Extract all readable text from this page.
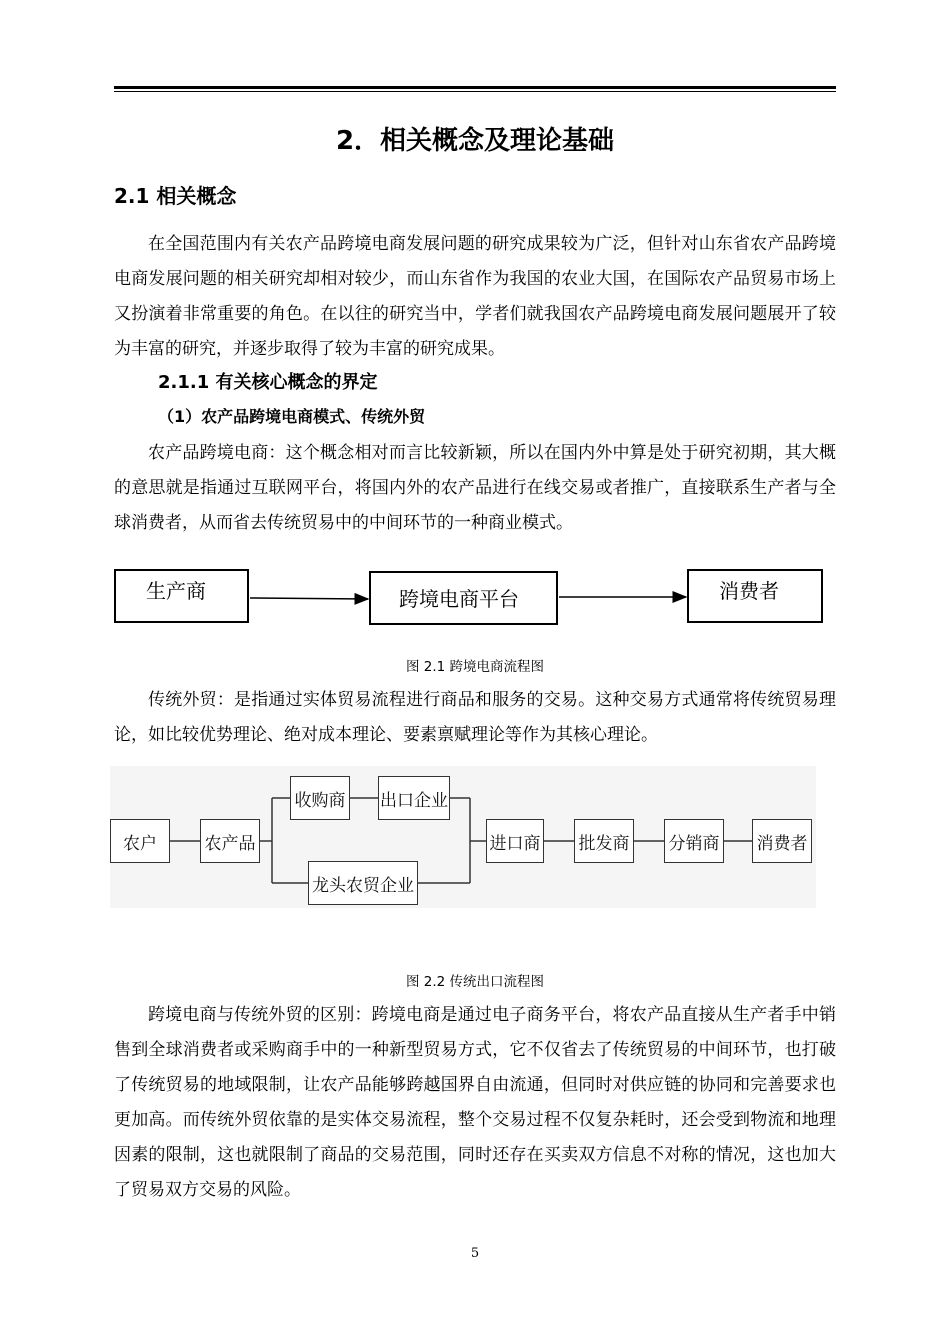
2．相关概念及理论基础
2.1 相关概念

在全国范围内有关农产品跨境电商发展问题的研究成果较为广泛，但针对山东省农产品跨境电商发展问题的相关研究却相对较少，而山东省作为我国的农业大国，在国际农产品贸易市场上又扮演着非常重要的角色。在以往的研究当中，学者们就我国农产品跨境电商发展问题展开了较为丰富的研究，并逐步取得了较为丰富的研究成果。

2.1.1 有关核心概念的界定
（1）农产品跨境电商模式、传统外贸

农产品跨境电商：这个概念相对而言比较新颖，所以在国内外中算是处于研究初期，其大概的意思就是指通过互联网平台，将国内外的农产品进行在线交易或者推广，直接联系生产者与全球消费者，从而省去传统贸易中的中间环节的一种商业模式。

生产商	跨境电商平台	消费者
图 2.1 跨境电商流程图

传统外贸：是指通过实体贸易流程进行商品和服务的交易。这种交易方式通常将传统贸易理论，如比较优势理论、绝对成本理论、要素禀赋理论等作为其核心理论。

农户	农产品
收购商 出口企业
龙头农贸企业
进口商 批发商 分销商 消费者
图 2.2 传统出口流程图

跨境电商与传统外贸的区别：跨境电商是通过电子商务平台，将农产品直接从生产者手中销售到全球消费者或采购商手中的一种新型贸易方式，它不仅省去了传统贸易的中间环节，也打破了传统贸易的地域限制，让农产品能够跨越国界自由流通，但同时对供应链的协同和完善要求也更加高。而传统外贸依靠的是实体交易流程，整个交易过程不仅复杂耗时，还会受到物流和地理因素的限制，这也就限制了商品的交易范围，同时还存在买卖双方信息不对称的情况，这也加大了贸易双方交易的风险。

5
